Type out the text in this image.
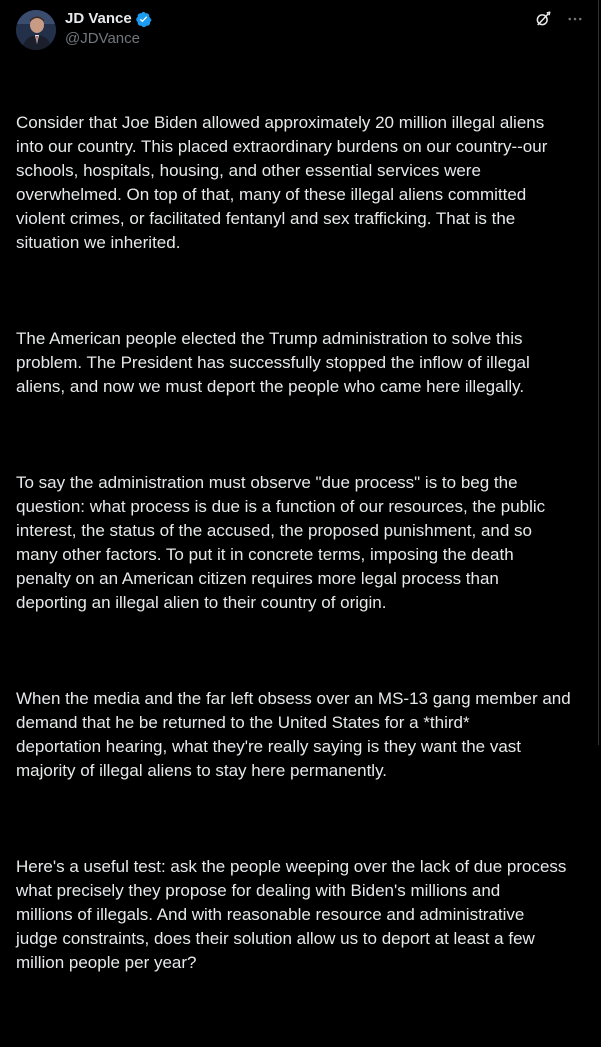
JD Vance
@JDVance

Consider that Joe Biden allowed approximately 20 million illegal aliens
into our country. This placed extraordinary burdens on our country--our
schools, hospitals, housing, and other essential services were
overwhelmed. On top of that, many of these illegal aliens committed
violent crimes, or facilitated fentanyl and sex trafficking. That is the
situation we inherited.

The American people elected the Trump administration to solve this
problem. The President has successfully stopped the inflow of illegal
aliens, and now we must deport the people who came here illegally.

To say the administration must observe "due process" is to beg the
question: what process is due is a function of our resources, the public
interest, the status of the accused, the proposed punishment, and so
many other factors. To put it in concrete terms, imposing the death
penalty on an American citizen requires more legal process than
deporting an illegal alien to their country of origin.

When the media and the far left obsess over an MS-13 gang member and
demand that he be returned to the United States for a *third*
deportation hearing, what they're really saying is they want the vast
majority of illegal aliens to stay here permanently.

Here's a useful test: ask the people weeping over the lack of due process
what precisely they propose for dealing with Biden's millions and
millions of illegals. And with reasonable resource and administrative
judge constraints, does their solution allow us to deport at least a few
million people per year?
